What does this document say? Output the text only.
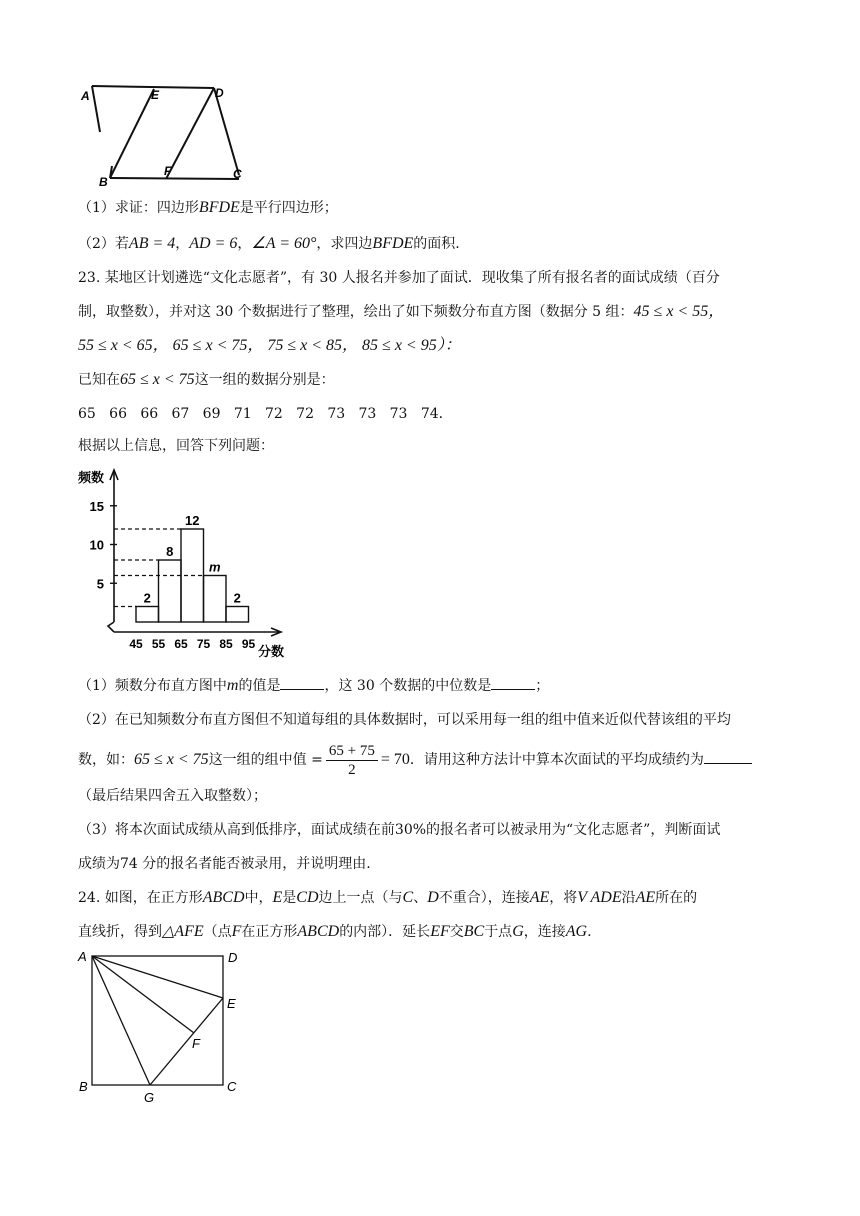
A	E	D
B
F	C
（1）求证：四边形BFDE是平行四边形；
（2）若AB = 4，AD = 6，∠A = 60°，求四边BFDE的面积.
23. 某地区计划遴选“文化志愿者”，有 30 人报名并参加了面试．现收集了所有报名者的面试成绩（百分
制，取整数），并对这 30 个数据进行了整理，绘出了如下频数分布直方图（数据分 5 组：45 ≤ x < 55，
55 ≤ x < 65， 65 ≤ x < 75， 75 ≤ x < 85， 85 ≤ x < 95）：
已知在65 ≤ x < 75这一组的数据分别是：
65   66   66   67   69   71   72   72   73   73   73   74．
根据以上信息，回答下列问题：
5
10
15
2
8
12
m
2
45 55 65 75 85 95
频数
分数
（1）频数分布直方图中m的值是	，这 30 个数据的中位数是	；
（2）在已知频数分布直方图但不知道每组的具体数据时，可以采用每一组的组中值来近似代替该组的平均
数，如：65 ≤ x < 75这一组的组中值 = $\frac{65 + 75}{2} = 70$．请用这种方法计中算本次面试的平均成绩约为
（最后结果四舍五入取整数）；
（3）将本次面试成绩从高到低排序，面试成绩在前30%的报名者可以被录用为“文化志愿者”，判断面试
成绩为74 分的报名者能否被录用，并说明理由.
24. 如图，在正方形ABCD中，E是CD边上一点（与C、D不重合），连接AE，将V ADE沿AE所在的
直线折，得到△AFE（点F在正方形ABCD的内部）．延长EF交BC于点G，连接AG.
A	D
E
F
B
G
C
